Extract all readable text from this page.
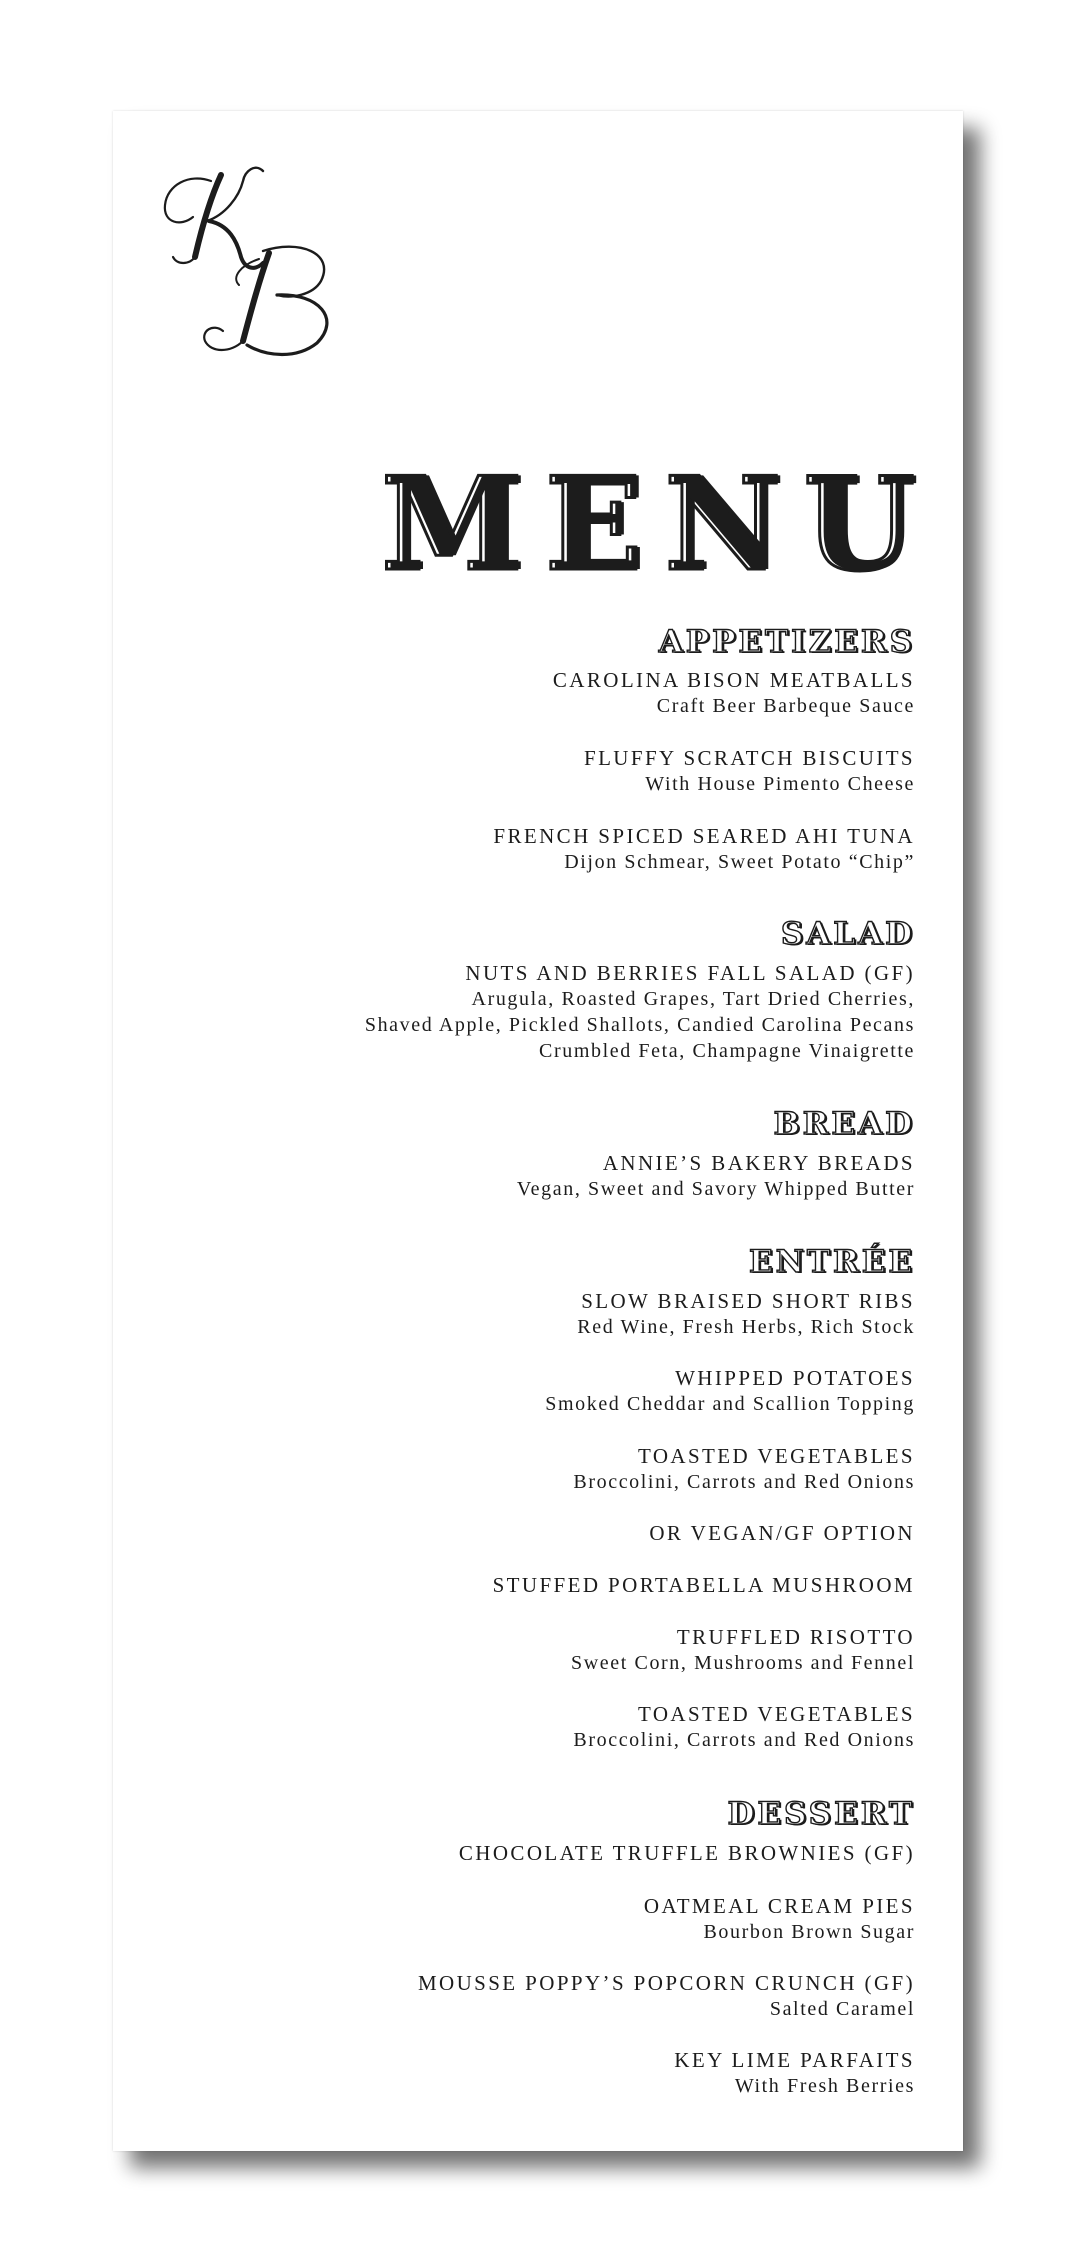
MENU
APPETIZERS
CAROLINA BISON MEATBALLS
Craft Beer Barbeque Sauce
FLUFFY SCRATCH BISCUITS
With House Pimento Cheese
FRENCH SPICED SEARED AHI TUNA
Dijon Schmear, Sweet Potato “Chip”
SALAD
NUTS AND BERRIES FALL SALAD (GF)
Arugula, Roasted Grapes, Tart Dried Cherries,
Shaved Apple, Pickled Shallots, Candied Carolina Pecans
Crumbled Feta, Champagne Vinaigrette
BREAD
ANNIE’S BAKERY BREADS
Vegan, Sweet and Savory Whipped Butter
ENTRÉE
SLOW BRAISED SHORT RIBS
Red Wine, Fresh Herbs, Rich Stock
WHIPPED POTATOES
Smoked Cheddar and Scallion Topping
TOASTED VEGETABLES
Broccolini, Carrots and Red Onions
OR VEGAN/GF OPTION
STUFFED PORTABELLA MUSHROOM
TRUFFLED RISOTTO
Sweet Corn, Mushrooms and Fennel
TOASTED VEGETABLES
Broccolini, Carrots and Red Onions
DESSERT
CHOCOLATE TRUFFLE BROWNIES (GF)
OATMEAL CREAM PIES
Bourbon Brown Sugar
MOUSSE POPPY’S POPCORN CRUNCH (GF)
Salted Caramel
KEY LIME PARFAITS
With Fresh Berries
